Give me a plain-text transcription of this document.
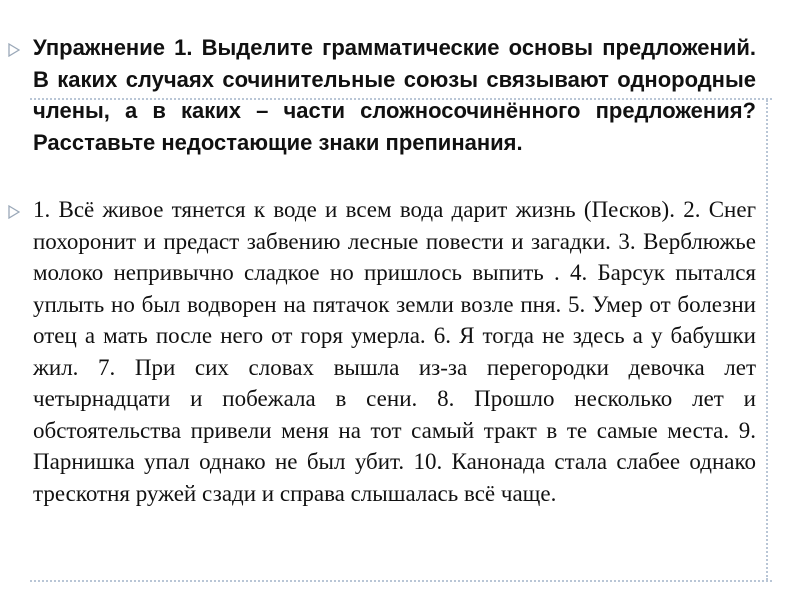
Упражнение 1. Выделите грамматические основы предложений. В каких случаях сочинительные союзы связывают однородные члены, а в каких – части сложносочинённого предложения? Расставьте недостающие знаки препинания.
1. Всё живое тянется к воде и всем вода дарит жизнь (Песков). 2. Снег похоронит и предаст забвению лесные повести и загадки. 3. Верблюжье молоко непривычно сладкое но пришлось выпить . 4. Барсук пытался уплыть но был водворен на пятачок земли возле пня. 5. Умер от болезни отец а мать после него от горя умерла. 6. Я тогда не здесь а у бабушки жил. 7. При сих словах вышла из-за перегородки девочка лет четырнадцати и побежала в сени. 8. Прошло несколько лет и обстоятельства привели меня на тот самый тракт в те самые места. 9. Парнишка упал однако не был убит. 10. Канонада стала слабее однако трескотня ружей сзади и справа слышалась всё чаще.
